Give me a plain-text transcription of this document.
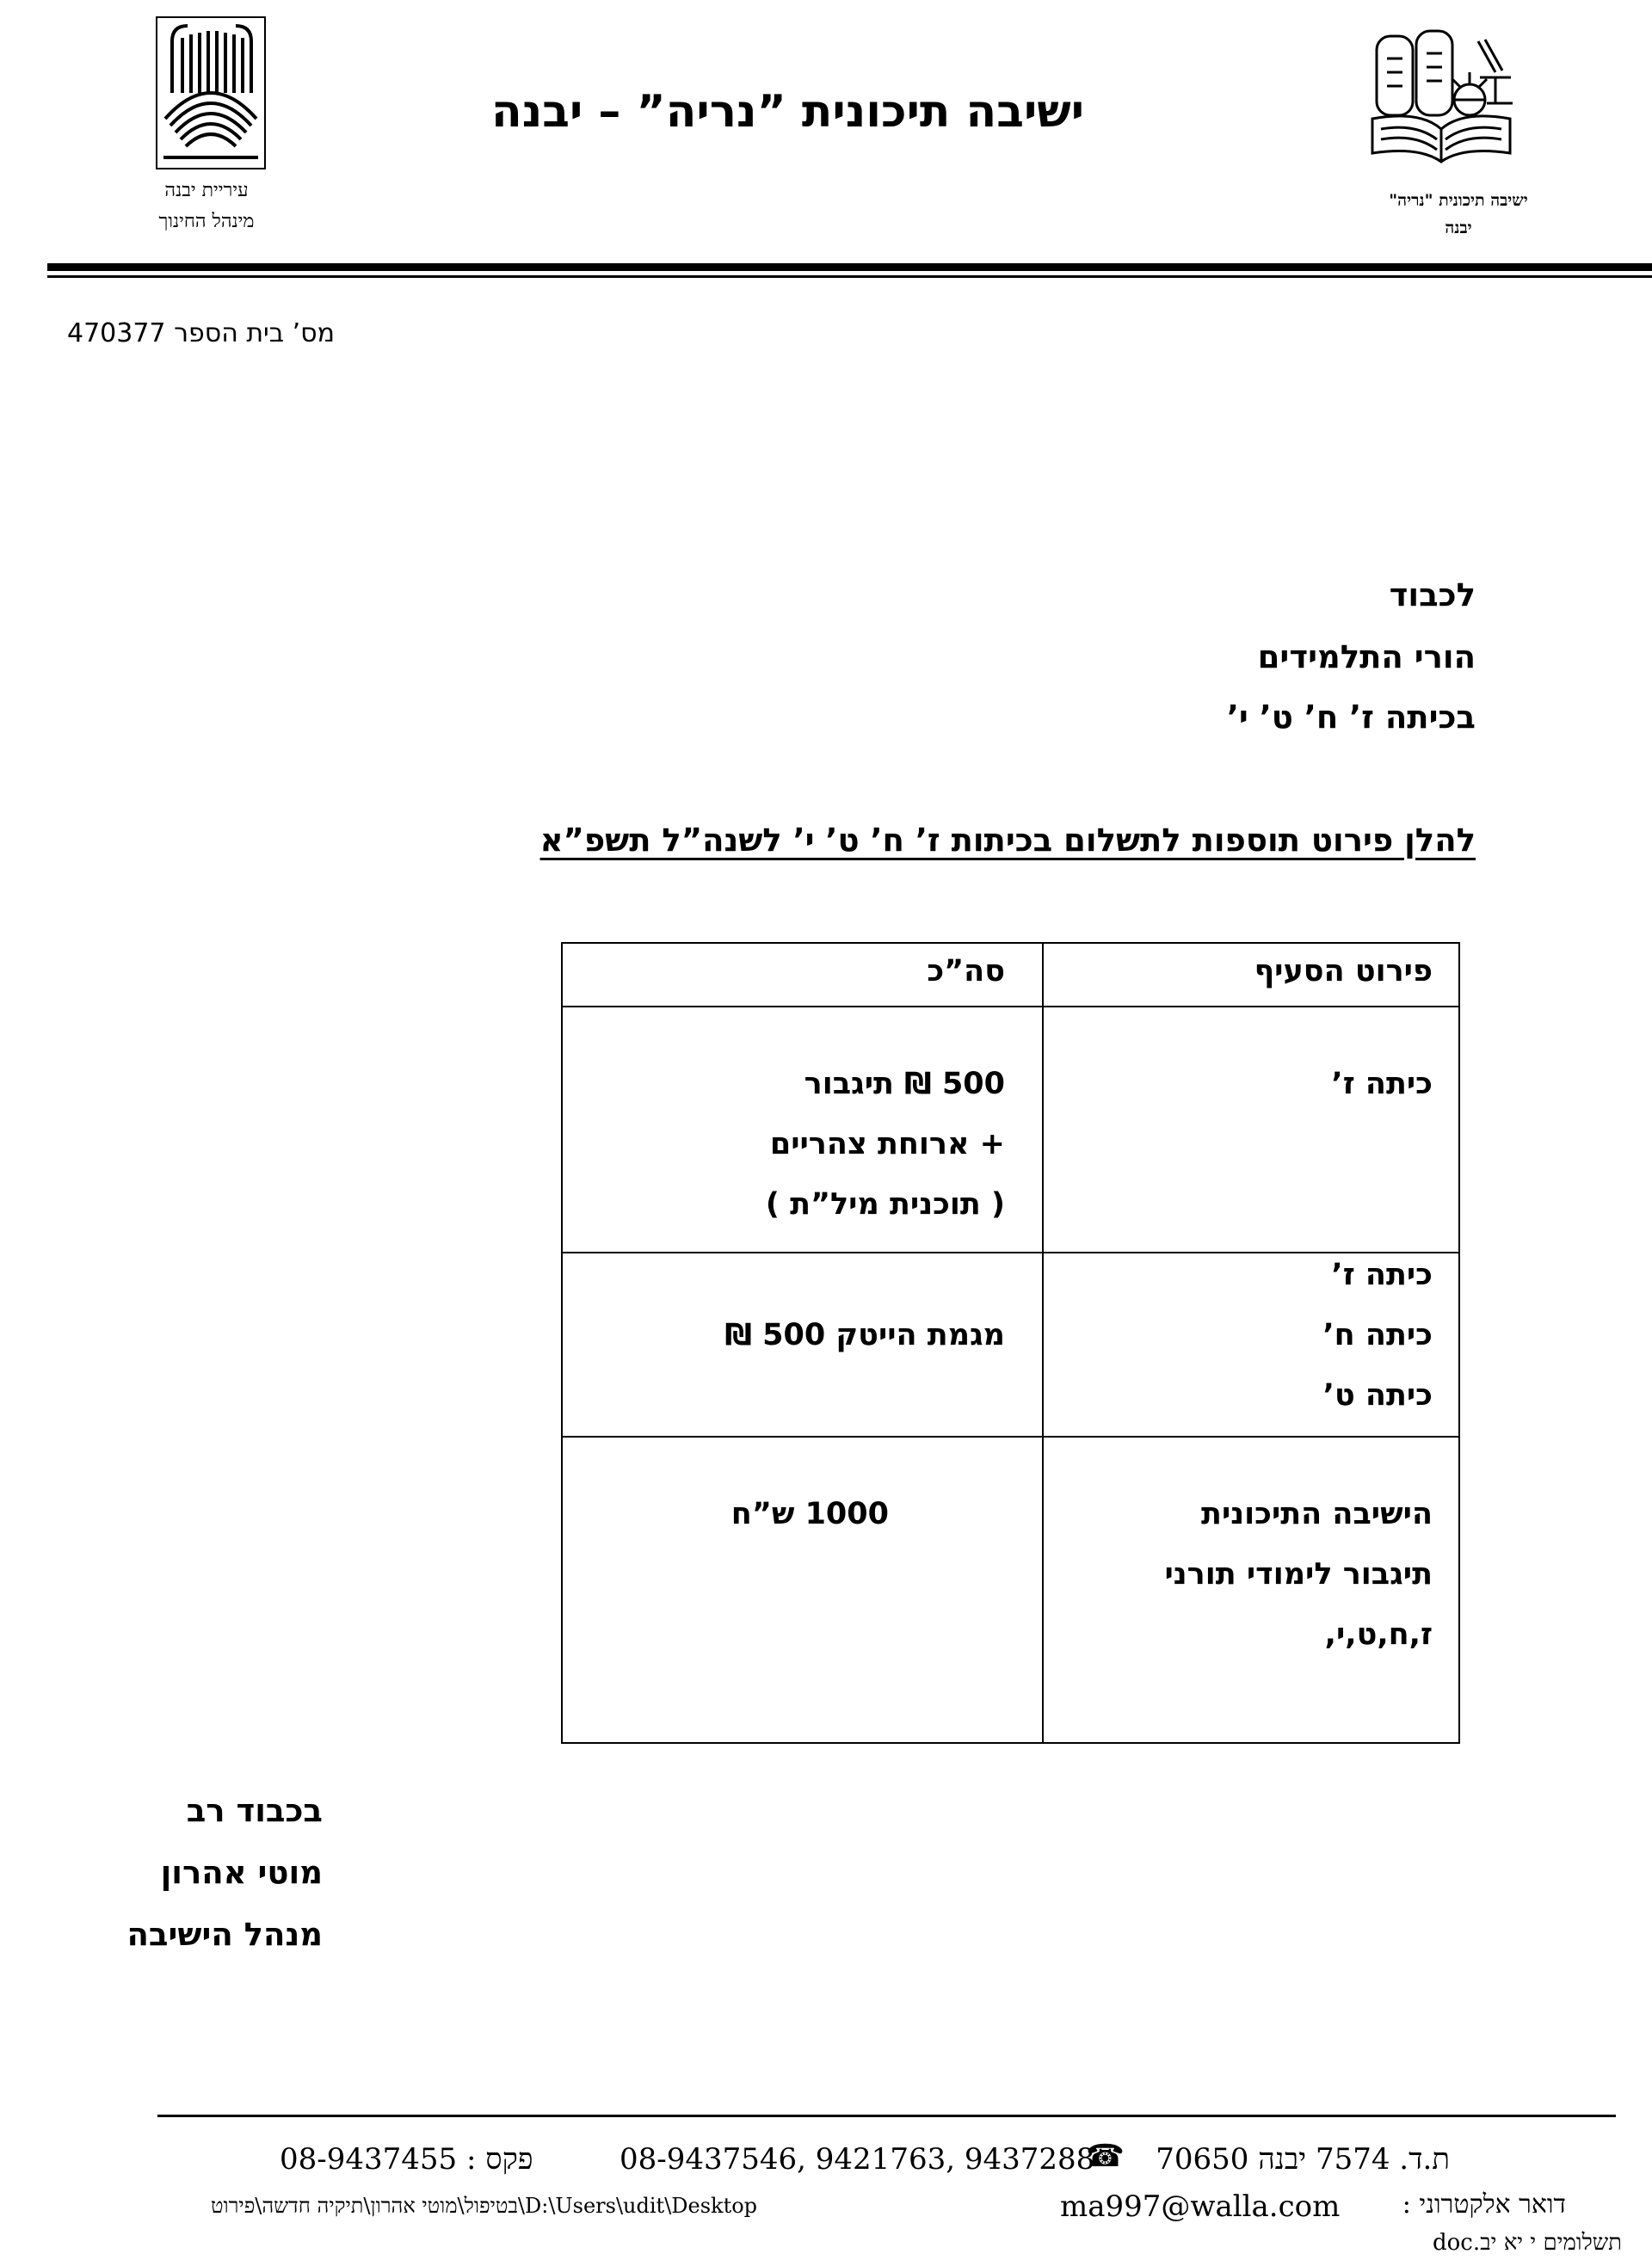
עיריית יבנה
מינהל החינוך
ישיבה תיכונית ”נריה” – יבנה
ישיבה תיכונית "נריה"
יבנה
מס’ בית הספר 470377
לכבוד
הורי התלמידים
בכיתה ז’ ח’ ט’ י’
להלן פירוט תוספות לתשלום בכיתות ז’ ח’ ט’ י’ לשנה”ל תשפ”א
פירוט הסעיף
סה”כ
כיתה ז’
500 ₪ תיגבור
+ ארוחת צהריים
( תוכנית מיל”ת )
כיתה ז’
כיתה ח’
כיתה ט’
מגמת הייטק 500 ₪
הישיבה התיכונית
תיגבור לימודי תורני
ז,ח,ט,י,
1000 ש”ח
בכבוד רב
מוטי אהרון
מנהל הישיבה
ת.ד. 7574 יבנה 70650
☎
08-9437546, 9421763, 9437288
פקס : 08-9437455
דואר אלקטרוני :
ma997@walla.com
D:\Users\udit\Desktop\בטיפול\מוטי אהרון\תיקיה חדשה\פירוט
תשלומים י יא יב.doc
